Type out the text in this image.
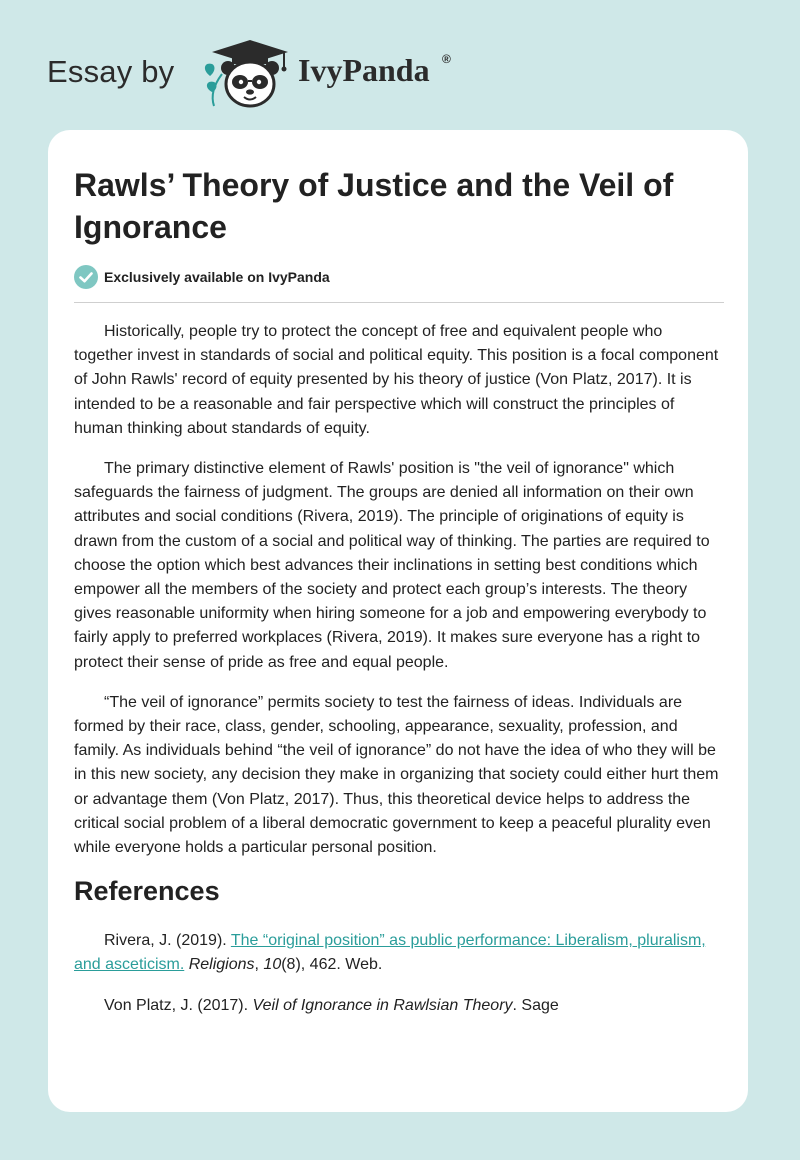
Essay by	IvyPanda ®
Rawls’ Theory of Justice and the Veil of Ignorance
Exclusively available on IvyPanda

Historically, people try to protect the concept of free and equivalent people who together invest in standards of social and political equity. This position is a focal component of John Rawls' record of equity presented by his theory of justice (Von Platz, 2017). It is intended to be a reasonable and fair perspective which will construct the principles of human thinking about standards of equity.

The primary distinctive element of Rawls' position is "the veil of ignorance" which safeguards the fairness of judgment. The groups are denied all information on their own attributes and social conditions (Rivera, 2019). The principle of originations of equity is drawn from the custom of a social and political way of thinking. The parties are required to choose the option which best advances their inclinations in setting best conditions which empower all the members of the society and protect each group’s interests. The theory gives reasonable uniformity when hiring someone for a job and empowering everybody to fairly apply to preferred workplaces (Rivera, 2019). It makes sure everyone has a right to protect their sense of pride as free and equal people.

“The veil of ignorance” permits society to test the fairness of ideas. Individuals are formed by their race, class, gender, schooling, appearance, sexuality, profession, and family. As individuals behind “the veil of ignorance” do not have the idea of who they will be in this new society, any decision they make in organizing that society could either hurt them or advantage them (Von Platz, 2017). Thus, this theoretical device helps to address the critical social problem of a liberal democratic government to keep a peaceful plurality even while everyone holds a particular personal position.

References

Rivera, J. (2019). The “original position” as public performance: Liberalism, pluralism, and asceticism. Religions, 10(8), 462. Web.

Von Platz, J. (2017). Veil of Ignorance in Rawlsian Theory. Sage
